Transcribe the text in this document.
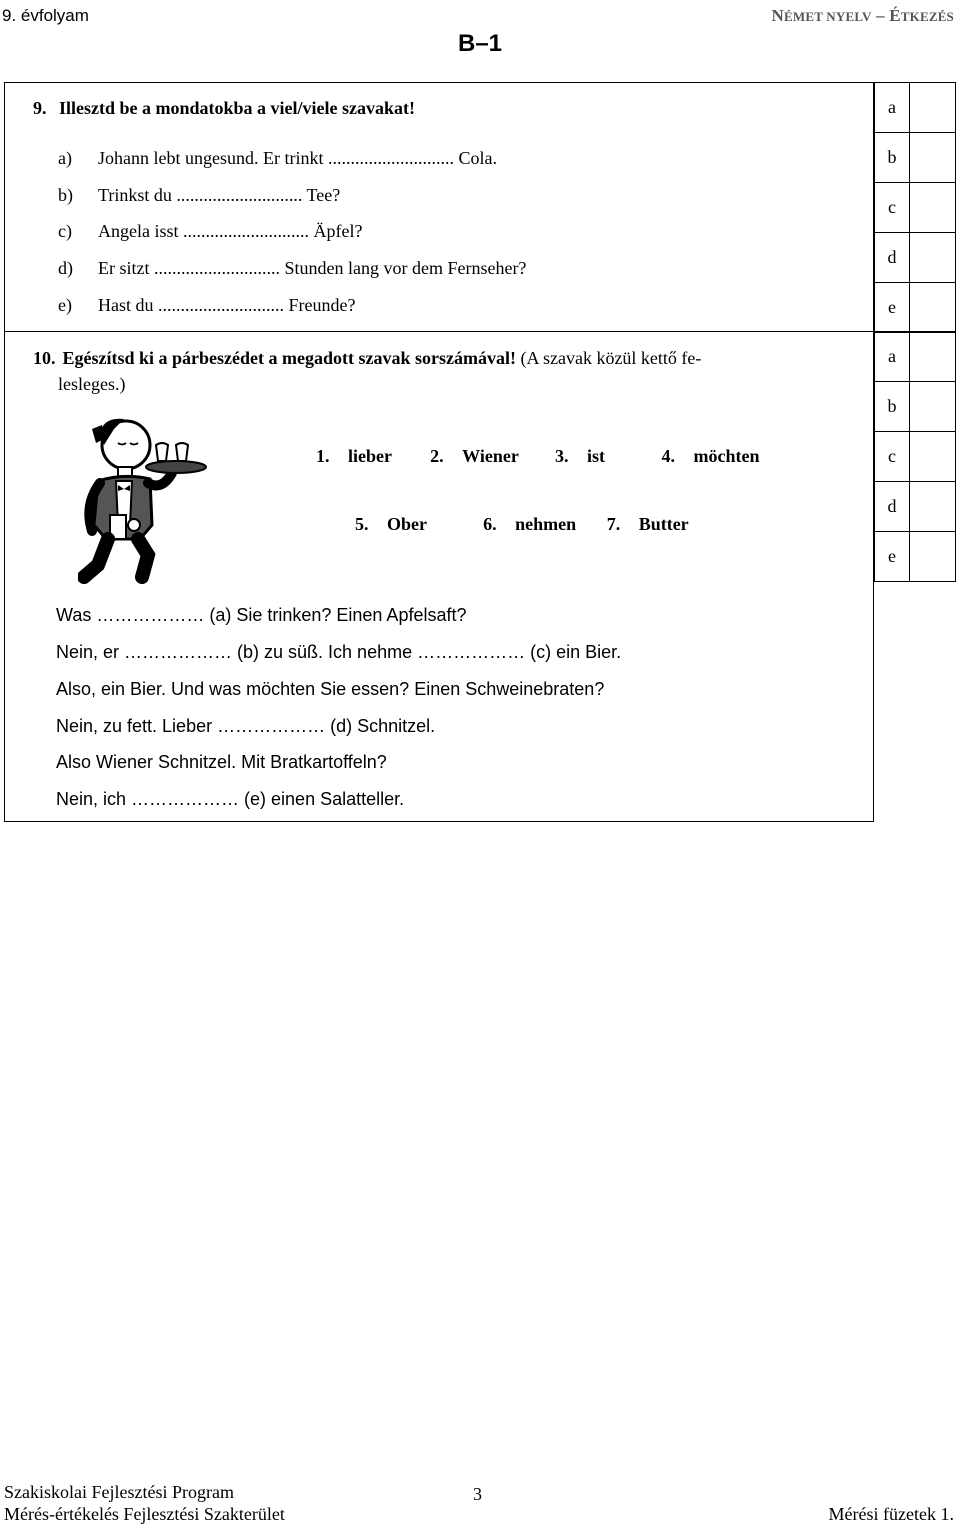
9. évfolyam	NÉMET NYELV – ÉTKEZÉS
B–1
9. Illesztd be a mondatokba a viel/viele szavakat!
a) Johann lebt ungesund. Er trinkt ............................ Cola.
b) Trinkst du ............................ Tee?
c) Angela isst ............................ Äpfel?
d) Er sitzt ............................ Stunden lang vor dem Fernseher?
e) Hast du ............................ Freunde?
a
b
c
d
e
10. Egészítsd ki a párbeszédet a megadott szavak sorszámával! (A szavak közül kettő fe-
lesleges.)
1. lieber 2. Wiener 3. ist	4. möchten
5. Ober	6. nehmen 7. Butter
a
b
c
d
e
Was ……………… (a) Sie trinken? Einen Apfelsaft?
Nein, er ……………… (b) zu süß. Ich nehme ……………… (c) ein Bier.
Also, ein Bier. Und was möchten Sie essen? Einen Schweinebraten?
Nein, zu fett. Lieber ……………… (d) Schnitzel.
Also Wiener Schnitzel. Mit Bratkartoffeln?
Nein, ich ……………… (e) einen Salatteller.
Szakiskolai Fejlesztési Program
Mérés-értékelés Fejlesztési Szakterület
3
Mérési füzetek 1.
